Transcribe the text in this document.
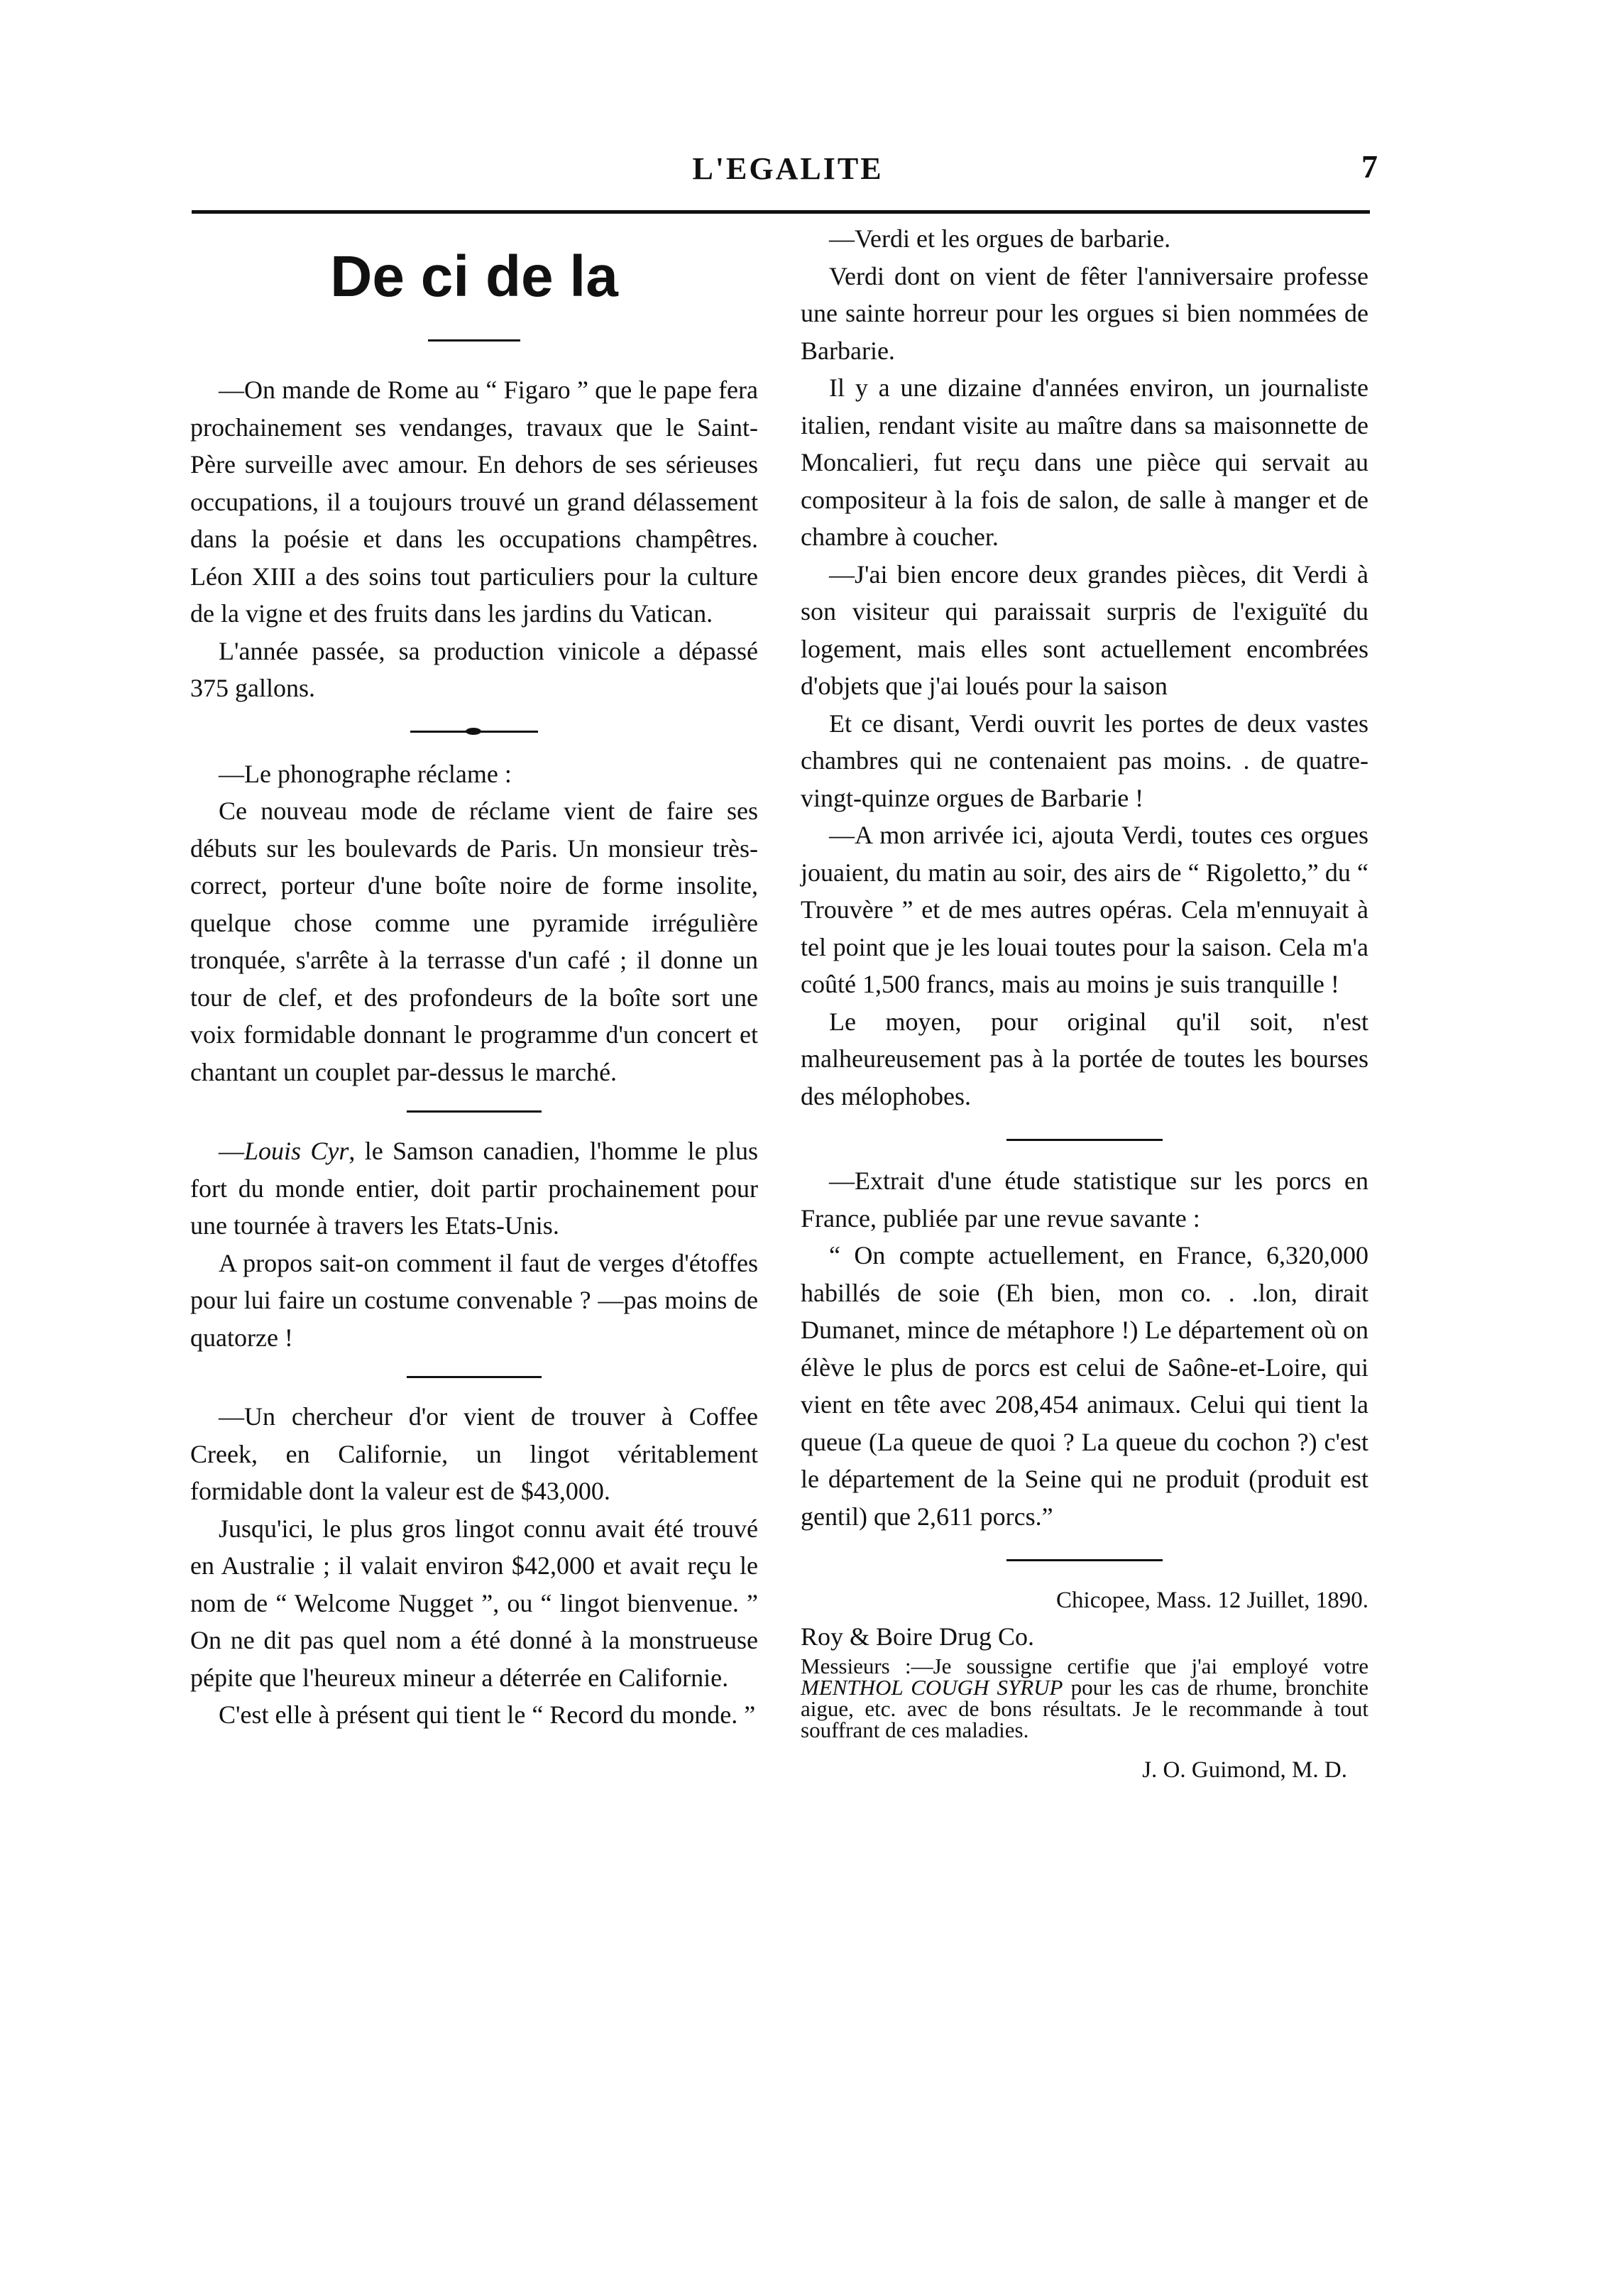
L'EGALITE	7
De ci de la

—On mande de Rome au “ Figaro ” que le pape fera prochainement ses vendanges, travaux que le Saint-Père surveille avec amour. En dehors de ses sérieuses occupations, il a toujours trouvé un grand délassement dans la poésie et dans les occupations champêtres. Léon XIII a des soins tout particuliers pour la culture de la vigne et des fruits dans les jardins du Vatican.

L'année passée, sa production vinicole a dépassé 375 gallons.

—Le phonographe réclame :

Ce nouveau mode de réclame vient de faire ses débuts sur les boulevards de Paris. Un monsieur très-correct, porteur d'une boîte noire de forme insolite, quelque chose comme une pyramide irrégulière tronquée, s'arrête à la terrasse d'un café ; il donne un tour de clef, et des profondeurs de la boîte sort une voix formidable donnant le programme d'un concert et chantant un couplet par-dessus le marché.

—Louis Cyr, le Samson canadien, l'homme le plus fort du monde entier, doit partir prochainement pour une tournée à travers les Etats-Unis.

A propos sait-on comment il faut de verges d'étoffes pour lui faire un costume convenable ? —pas moins de quatorze !

—Un chercheur d'or vient de trouver à Coffee Creek, en Californie, un lingot véritablement formidable dont la valeur est de $43,000.

Jusqu'ici, le plus gros lingot connu avait été trouvé en Australie ; il valait environ $42,000 et avait reçu le nom de “ Welcome Nugget ”, ou “ lingot bienvenue. ” On ne dit pas quel nom a été donné à la monstrueuse pépite que l'heureux mineur a déterrée en Californie.

C'est elle à présent qui tient le “ Record du monde. ”

—Verdi et les orgues de barbarie.

Verdi dont on vient de fêter l'anniversaire professe une sainte horreur pour les orgues si bien nommées de Barbarie.

Il y a une dizaine d'années environ, un journaliste italien, rendant visite au maître dans sa maisonnette de Moncalieri, fut reçu dans une pièce qui servait au compositeur à la fois de salon, de salle à manger et de chambre à coucher.

—J'ai bien encore deux grandes pièces, dit Verdi à son visiteur qui paraissait surpris de l'exiguïté du logement, mais elles sont actuellement encombrées d'objets que j'ai loués pour la saison

Et ce disant, Verdi ouvrit les portes de deux vastes chambres qui ne contenaient pas moins. . de quatre-vingt-quinze orgues de Barbarie !

—A mon arrivée ici, ajouta Verdi, toutes ces orgues jouaient, du matin au soir, des airs de “ Rigoletto,” du “ Trouvère ” et de mes autres opéras. Cela m'ennuyait à tel point que je les louai toutes pour la saison. Cela m'a coûté 1,500 francs, mais au moins je suis tranquille !

Le moyen, pour original qu'il soit, n'est malheureusement pas à la portée de toutes les bourses des mélophobes.

—Extrait d'une étude statistique sur les porcs en France, publiée par une revue savante :

“ On compte actuellement, en France, 6,320,000 habillés de soie (Eh bien, mon co. . .lon, dirait Dumanet, mince de métaphore !) Le département où on élève le plus de porcs est celui de Saône-et-Loire, qui vient en tête avec 208,454 animaux. Celui qui tient la queue (La queue de quoi ? La queue du cochon ?) c'est le département de la Seine qui ne produit (produit est gentil) que 2,611 porcs.”

Chicopee, Mass. 12 Juillet, 1890.

Roy & Boire Drug Co.

Messieurs :—Je soussigne certifie que j'ai employé votre MENTHOL COUGH SYRUP pour les cas de rhume, bronchite aigue, etc. avec de bons résultats. Je le recommande à tout souffrant de ces maladies.

J. O. Guimond, M. D.
